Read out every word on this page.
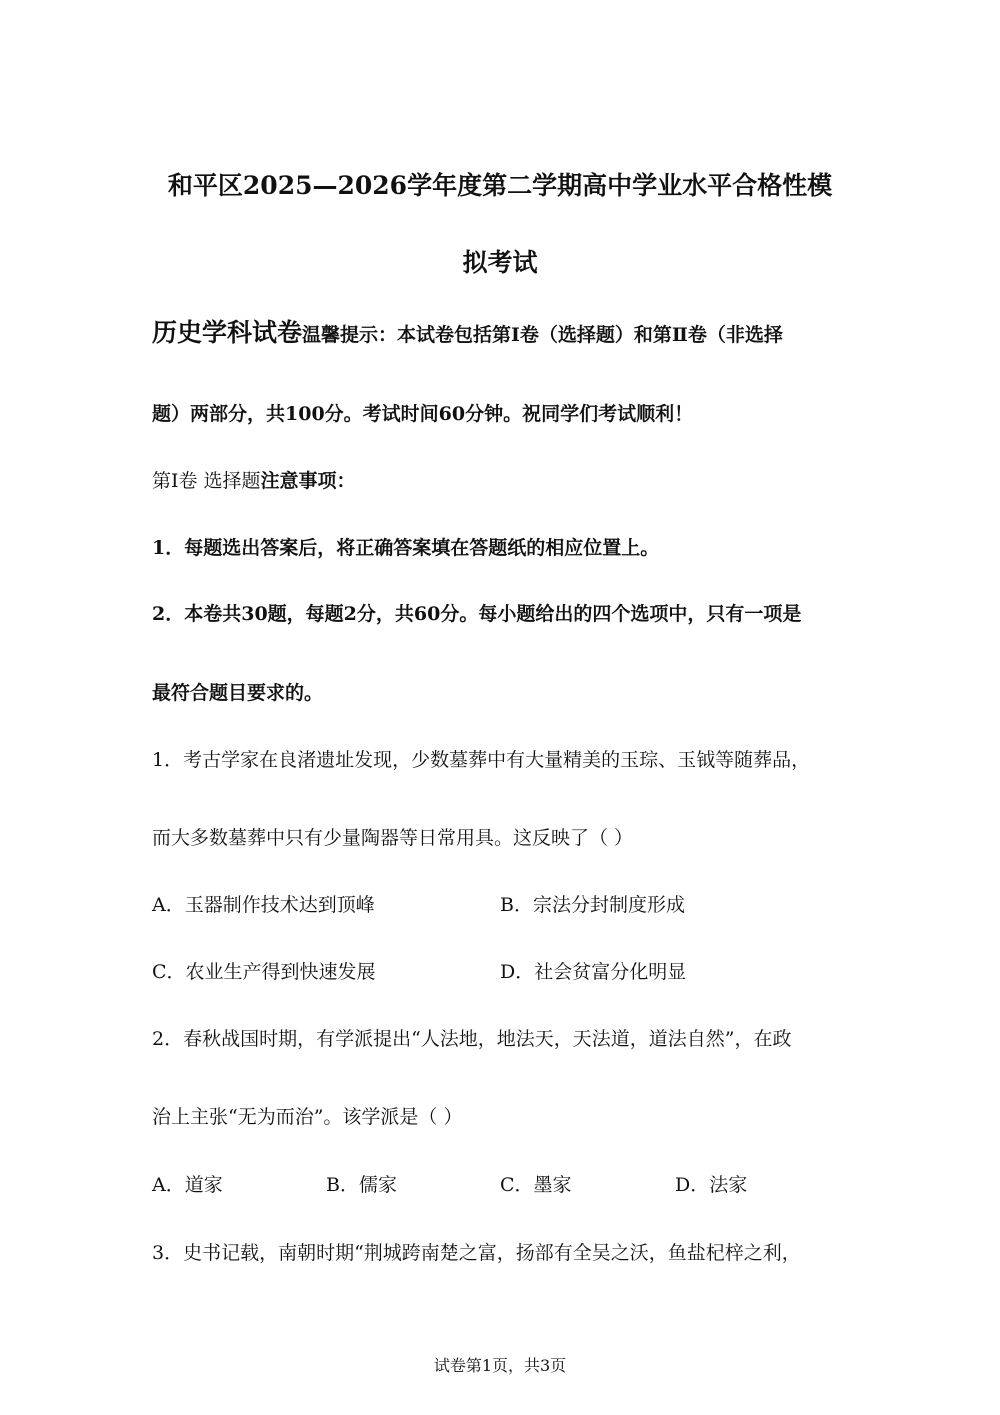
和平区2025—2026学年度第二学期高中学业水平合格性模
拟考试
历史学科试卷温馨提示：本试卷包括第Ⅰ卷（选择题）和第Ⅱ卷（非选择
题）两部分，共100分。考试时间60分钟。祝同学们考试顺利！
第Ⅰ卷 选择题注意事项：
1．每题选出答案后，将正确答案填在答题纸的相应位置上。
2．本卷共30题，每题2分，共60分。每小题给出的四个选项中，只有一项是
最符合题目要求的。
1．考古学家在良渚遗址发现，少数墓葬中有大量精美的玉琮、玉钺等随葬品，
而大多数墓葬中只有少量陶器等日常用具。这反映了（ ）
A．玉器制作技术达到顶峰	B．宗法分封制度形成
C．农业生产得到快速发展	D．社会贫富分化明显
2．春秋战国时期，有学派提出“人法地，地法天，天法道，道法自然”，在政
治上主张“无为而治”。该学派是（ ）
A．道家	B．儒家	C．墨家	D．法家
3．史书记载，南朝时期“荆城跨南楚之富，扬部有全吴之沃，鱼盐杞梓之利，
试卷第1页，共3页
